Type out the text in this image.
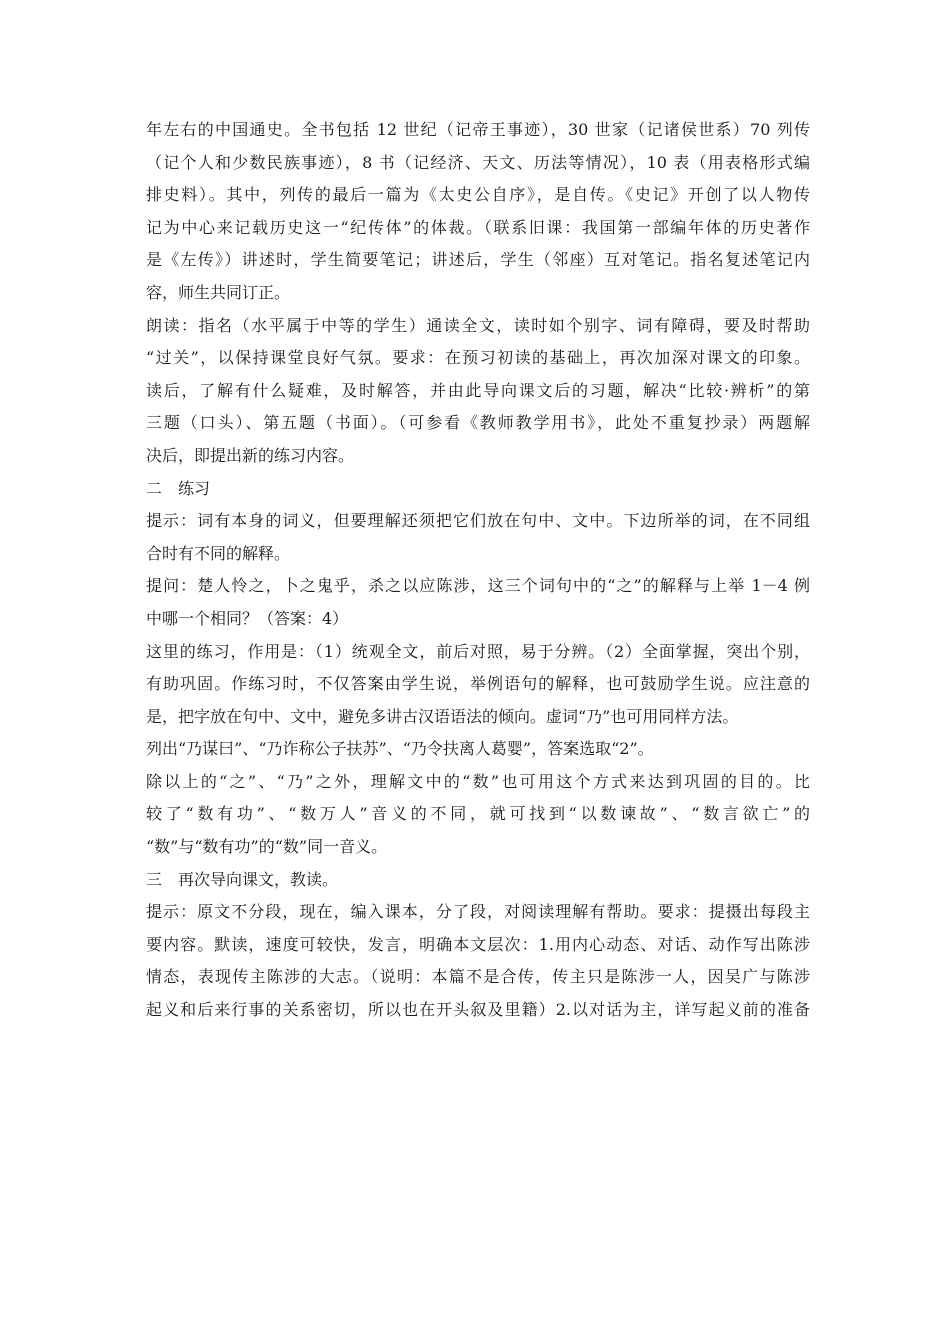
年左右的中国通史。全书包括 12 世纪（记帝王事迹），30 世家（记诸侯世系）70 列传
（记个人和少数民族事迹），8 书（记经济、天文、历法等情况），10 表（用表格形式编
排史料）。其中，列传的最后一篇为《太史公自序》，是自传。《史记》开创了以人物传
记为中心来记载历史这一“纪传体”的体裁。（联系旧课：我国第一部编年体的历史著作
是《左传》）讲述时，学生简要笔记；讲述后，学生（邻座）互对笔记。指名复述笔记内
容，师生共同订正。
朗读：指名（水平属于中等的学生）通读全文，读时如个别字、词有障碍，要及时帮助
“过关”，以保持课堂良好气氛。要求：在预习初读的基础上，再次加深对课文的印象。
读后，了解有什么疑难，及时解答，并由此导向课文后的习题，解决“比较·辨析”的第
三题（口头）、第五题（书面）。（可参看《教师教学用书》，此处不重复抄录）两题解
决后，即提出新的练习内容。
二　练习
提示：词有本身的词义，但要理解还须把它们放在句中、文中。下边所举的词，在不同组
合时有不同的解释。
提问：楚人怜之，卜之鬼乎，杀之以应陈涉，这三个词句中的“之”的解释与上举 1－4 例
中哪一个相同？（答案：4）
这里的练习，作用是：（1）统观全文，前后对照，易于分辨。（2）全面掌握，突出个别，
有助巩固。作练习时，不仅答案由学生说，举例语句的解释，也可鼓励学生说。应注意的
是，把字放在句中、文中，避免多讲古汉语语法的倾向。虚词“乃”也可用同样方法。
列出“乃谋曰”、“乃诈称公子扶苏”、“乃令扶离人葛婴”，答案选取“2”。
除以上的“之”、“乃”之外，理解文中的“数”也可用这个方式来达到巩固的目的。比
较了“数有功”、“数万人”音义的不同，就可找到“以数谏故”、“数言欲亡”的
“数”与“数有功”的“数”同一音义。
三　再次导向课文，教读。
提示：原文不分段，现在，编入课本，分了段，对阅读理解有帮助。要求：提摄出每段主
要内容。默读，速度可较快，发言，明确本文层次：1.用内心动态、对话、动作写出陈涉
情态，表现传主陈涉的大志。（说明：本篇不是合传，传主只是陈涉一人，因吴广与陈涉
起义和后来行事的关系密切，所以也在开头叙及里籍）2.以对话为主，详写起义前的准备
